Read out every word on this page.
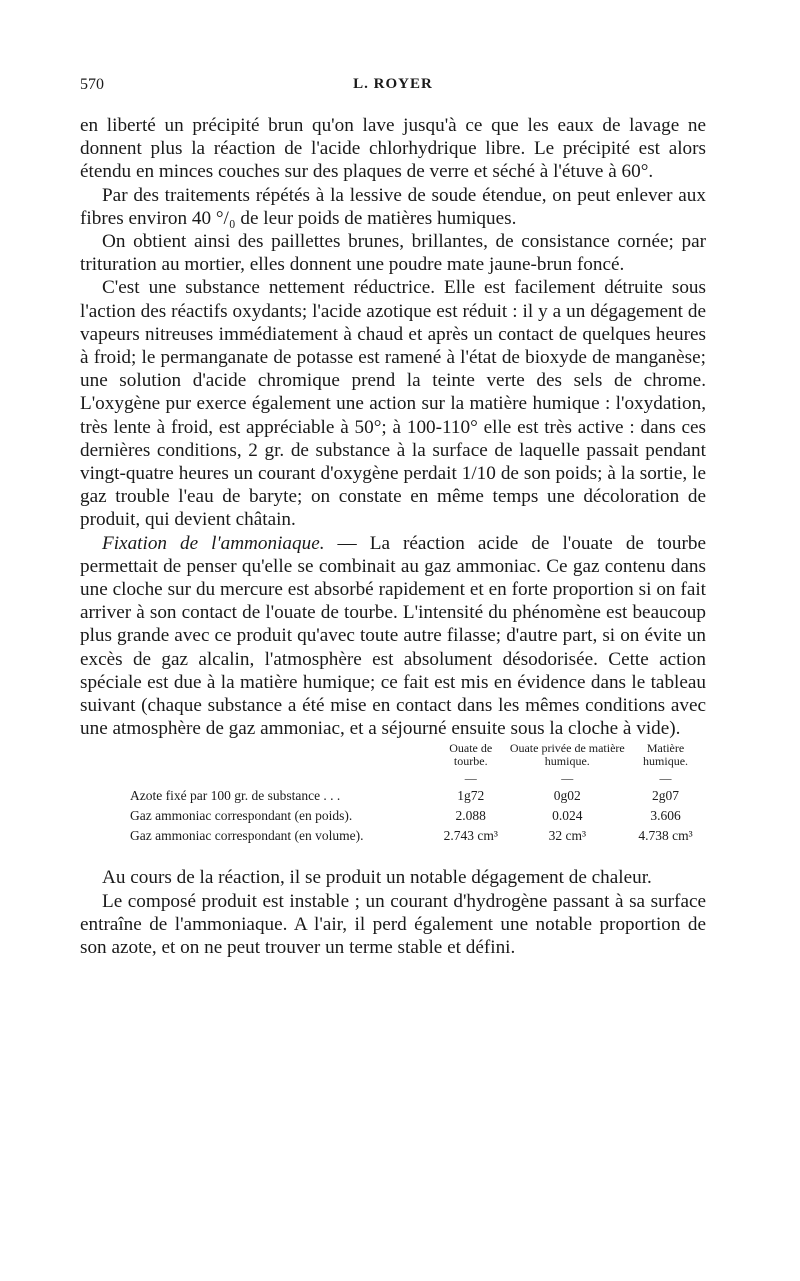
570	L. ROYER

en liberté un précipité brun qu'on lave jusqu'à ce que les eaux de lavage ne donnent plus la réaction de l'acide chlorhydrique libre. Le précipité est alors étendu en minces couches sur des plaques de verre et séché à l'étuve à 60°.

Par des traitements répétés à la lessive de soude étendue, on peut enlever aux fibres environ 40 °/₀ de leur poids de matières humiques.

On obtient ainsi des paillettes brunes, brillantes, de consistance cornée; par trituration au mortier, elles donnent une poudre mate jaune-brun foncé.

C'est une substance nettement réductrice. Elle est facilement détruite sous l'action des réactifs oxydants; l'acide azotique est réduit : il y a un dégagement de vapeurs nitreuses immédiatement à chaud et après un contact de quelques heures à froid; le permanganate de potasse est ramené à l'état de bioxyde de manganèse; une solution d'acide chromique prend la teinte verte des sels de chrome. L'oxygène pur exerce également une action sur la matière humique : l'oxydation, très lente à froid, est appréciable à 50°; à 100-110° elle est très active : dans ces dernières conditions, 2 gr. de substance à la surface de laquelle passait pendant vingt-quatre heures un courant d'oxygène perdait 1/10 de son poids; à la sortie, le gaz trouble l'eau de baryte; on constate en même temps une décoloration de produit, qui devient châtain.

Fixation de l'ammoniaque. — La réaction acide de l'ouate de tourbe permettait de penser qu'elle se combinait au gaz ammoniac. Ce gaz contenu dans une cloche sur du mercure est absorbé rapidement et en forte proportion si on fait arriver à son contact de l'ouate de tourbe. L'intensité du phénomène est beaucoup plus grande avec ce produit qu'avec toute autre filasse; d'autre part, si on évite un excès de gaz alcalin, l'atmosphère est absolument désodorisée. Cette action spéciale est due à la matière humique; ce fait est mis en évidence dans le tableau suivant (chaque substance a été mise en contact dans les mêmes conditions avec une atmosphère de gaz ammoniac, et a séjourné ensuite sous la cloche à vide).

	Ouate de tourbe.	Ouate privée de matière humique.	Matière humique.
	—	—	—
Azote fixé par 100 gr. de substance . . .	1g72	0g02	2g07
Gaz ammoniac correspondant (en poids).	2.088	0.024	3.606
Gaz ammoniac correspondant (en volume).	2.743 cm³	32 cm³	4.738 cm³

Au cours de la réaction, il se produit un notable dégagement de chaleur.

Le composé produit est instable ; un courant d'hydrogène passant à sa surface entraîne de l'ammoniaque. A l'air, il perd également une notable proportion de son azote, et on ne peut trouver un terme stable et défini.
